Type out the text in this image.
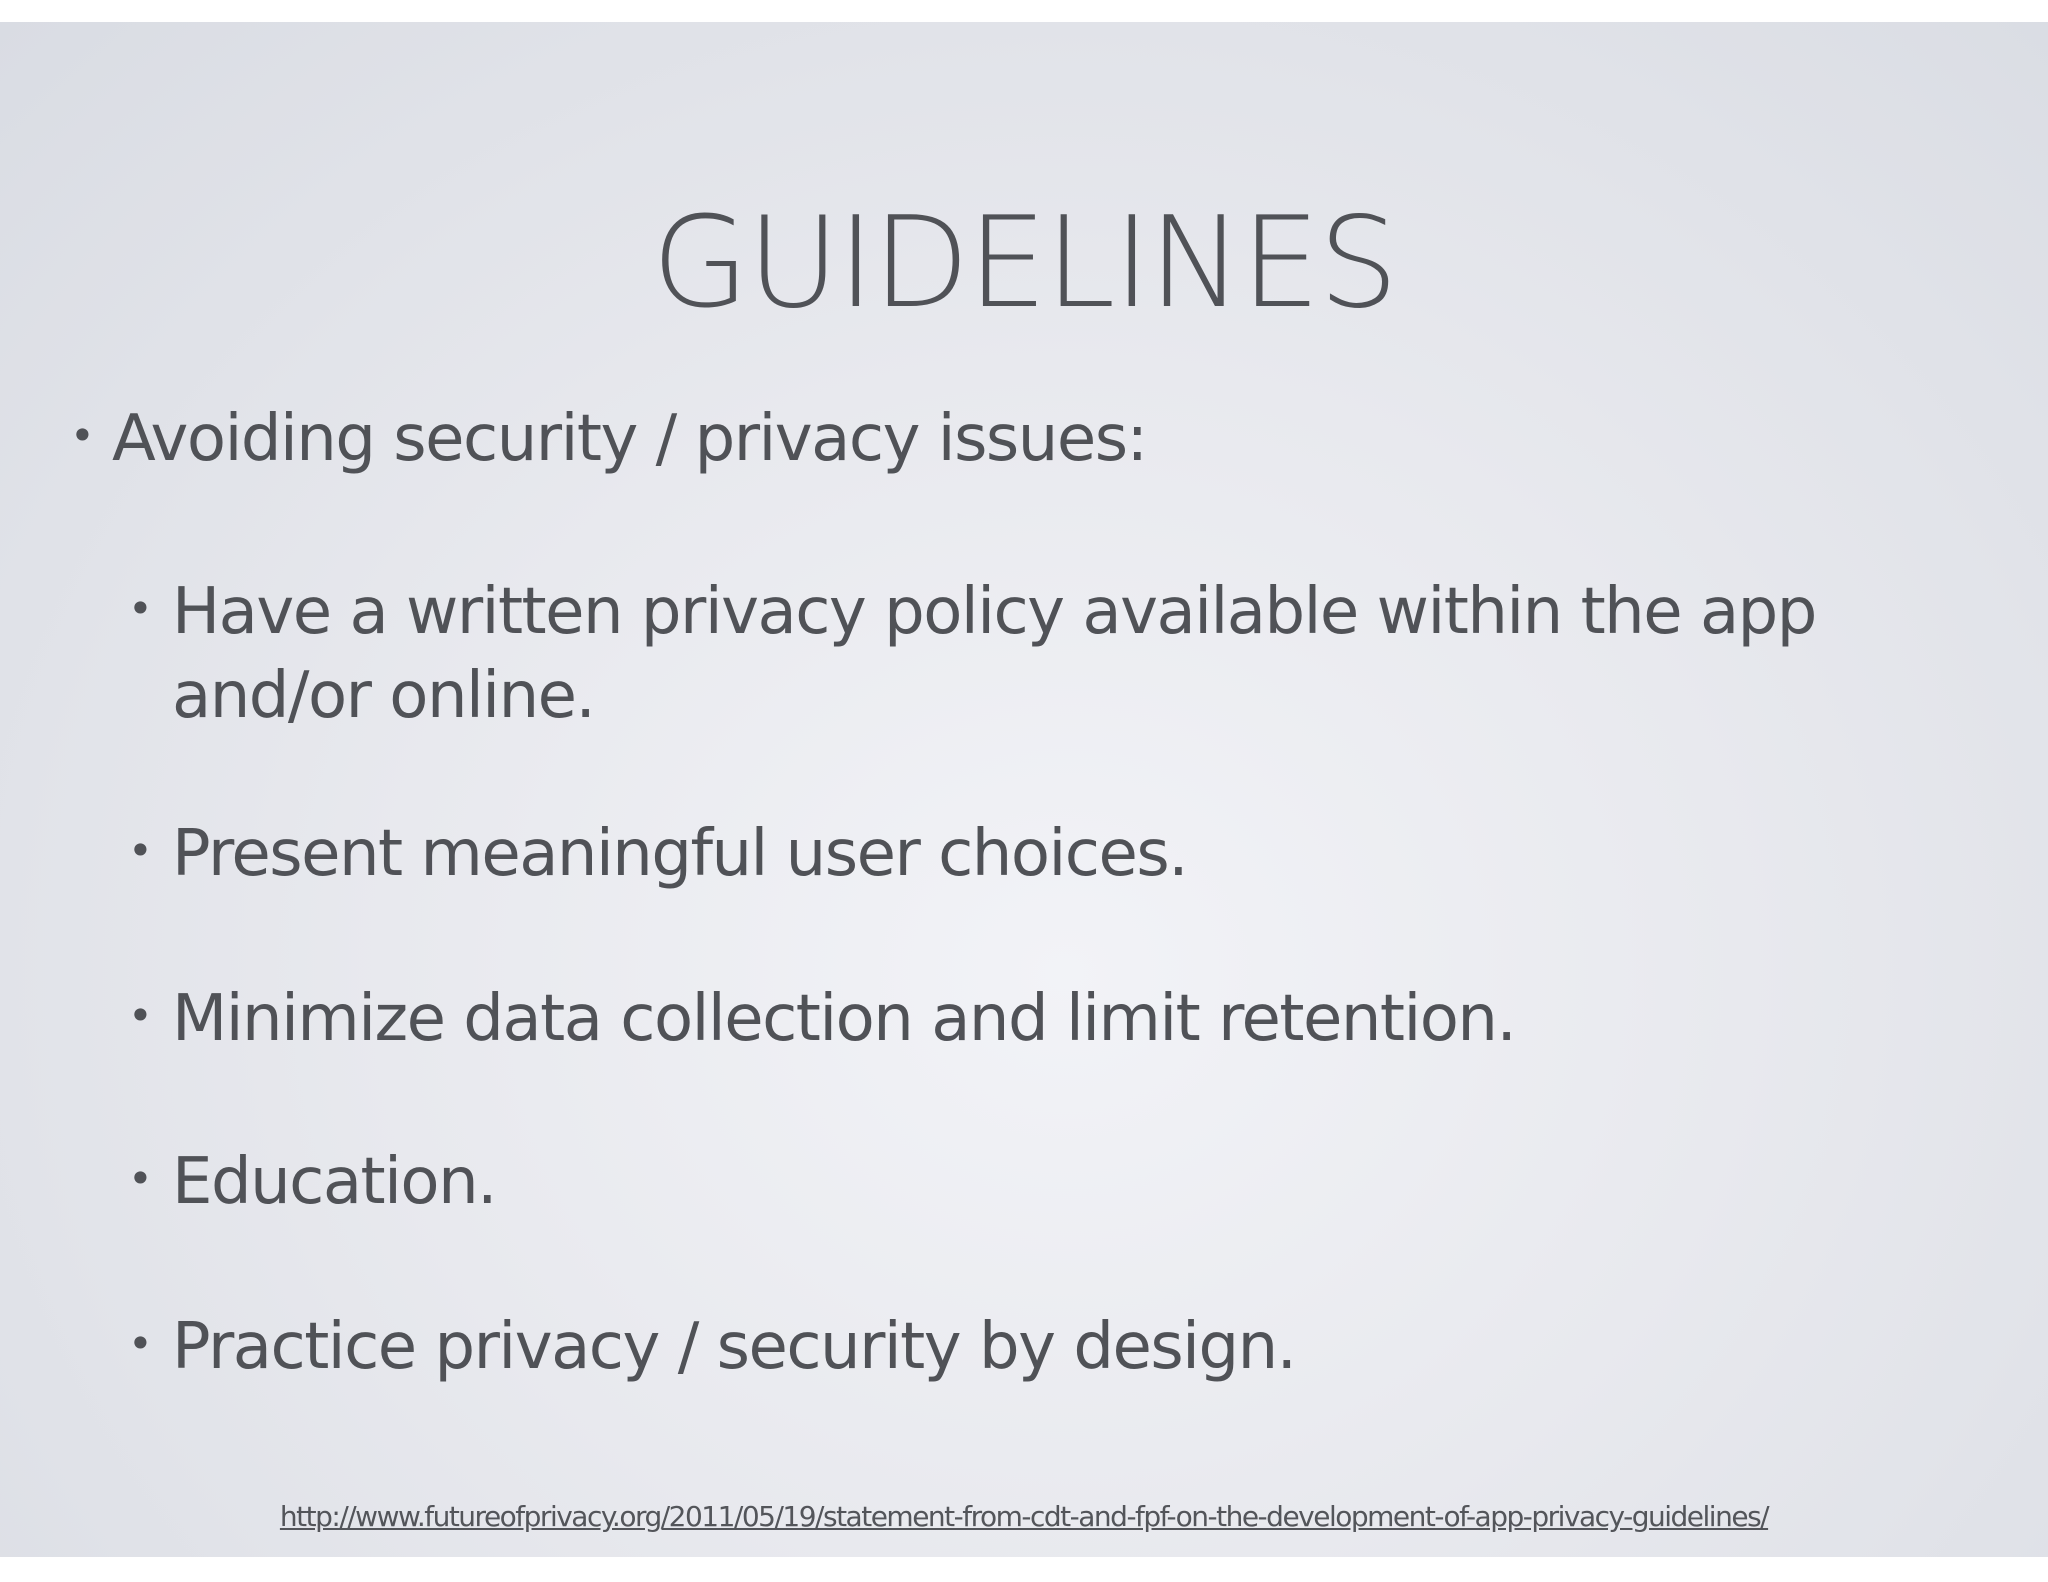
GUIDELINES
• Avoiding security / privacy issues:
• Have a written privacy policy available within the app and/or online.
• Present meaningful user choices.
• Minimize data collection and limit retention.
• Education.
• Practice privacy / security by design.
http://www.futureofprivacy.org/2011/05/19/statement-from-cdt-and-fpf-on-the-development-of-app-privacy-guidelines/
